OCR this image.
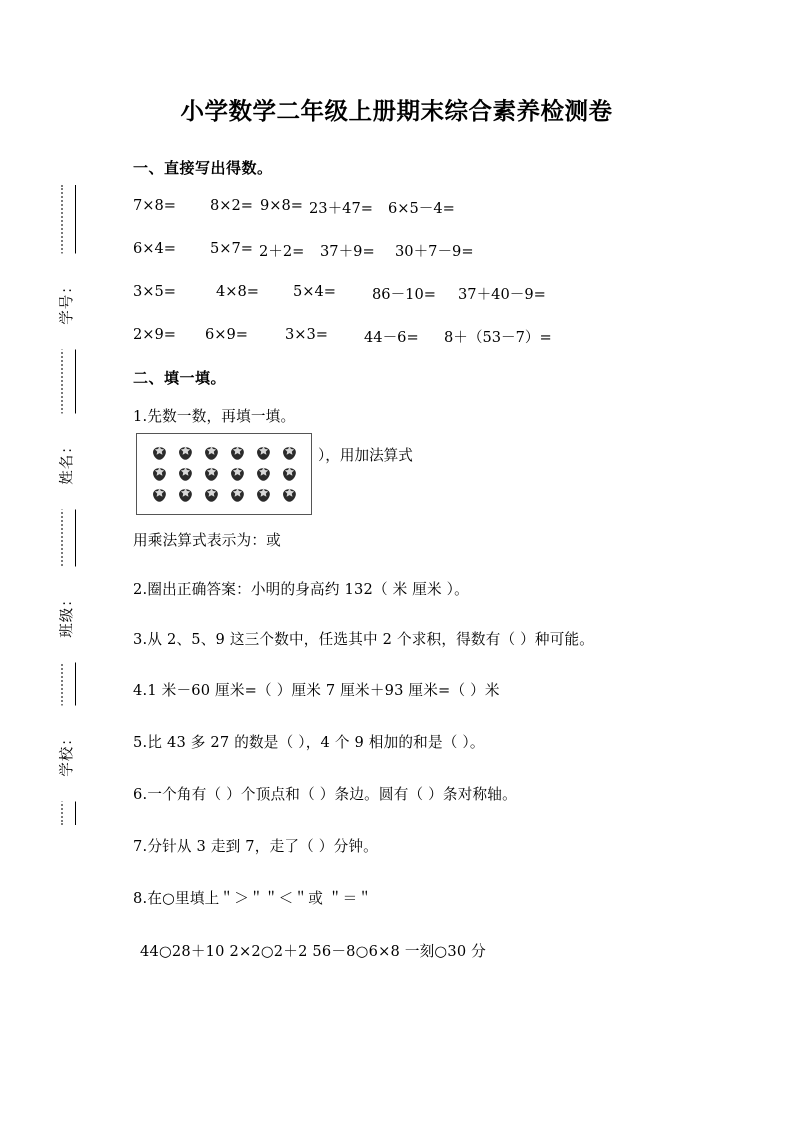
学号：
姓名：
班级：
学校：
小学数学二年级上册期末综合素养检测卷
一、直接写出得数。
7×8= 8×2= 9×8= 23＋47= 6×5－4=
6×4= 5×7= 2＋2= 37＋9= 30＋7－9=
3×5=	4×8= 5×4= 86－10= 37＋40－9=
2×9= 6×9=	3×3= 44－6= 8＋（53－7）=
二、填一填。
1.先数一数，再填一填。
），用加法算式
用乘法算式表示为：或
2.圈出正确答案：小明的身高约 132（ 米 厘米 ）。
3.从 2、5、9 这三个数中，任选其中 2 个求积，得数有（ ）种可能。
4.1 米－60 厘米=（ ）厘米 7 厘米＋93 厘米=（ ）米
5.比 43 多 27 的数是（ ），4 个 9 相加的和是（ ）。
6.一个角有（ ）个顶点和（ ）条边。圆有（ ）条对称轴。
7.分针从 3 走到 7，走了（ ）分钟。
8.在○里填上＂＞＂＂＜＂或 ＂＝＂
44○28＋10 2×2○2＋2 56－8○6×8 一刻○30 分
